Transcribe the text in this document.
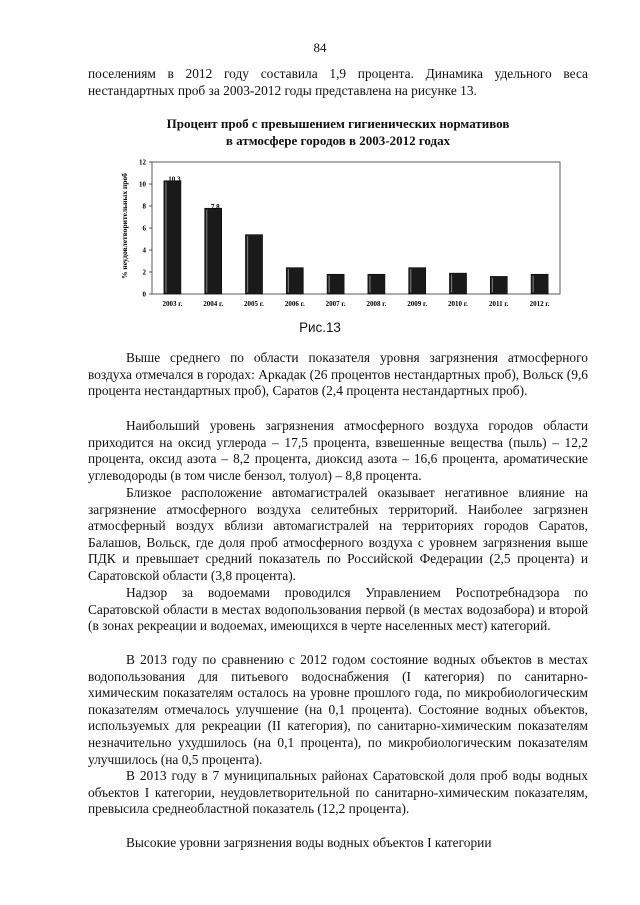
84

поселениям в 2012 году составила 1,9 процента. Динамика удельного веса нестандартных проб за 2003-2012 годы представлена на рисунке 13.

Процент проб с превышением гигиенических нормативов
в атмосфере городов в 2003-2012 годах
% неудовлетворительных проб
0
2
4
6
8
10
12
2003 г.
10,3
2004 г.
7,8
2005 г.	2006 г.	2007 г.	2008 г.	2009 г.	2010 г.	2011 г.	2012 г.
Рис.13

Выше среднего по области показателя уровня загрязнения атмосферного воздуха отмечался в городах: Аркадак (26 процентов нестандартных проб), Вольск (9,6 процента нестандартных проб), Саратов (2,4 процента нестандартных проб).

Наибольший уровень загрязнения атмосферного воздуха городов области приходится на оксид углерода – 17,5 процента, взвешенные вещества (пыль) – 12,2 процента, оксид азота – 8,2 процента, диоксид азота – 16,6 процента, ароматические углеводороды (в том числе бензол, толуол) – 8,8 процента.

Близкое расположение автомагистралей оказывает негативное влияние на загрязнение атмосферного воздуха селитебных территорий. Наиболее загрязнен атмосферный воздух вблизи автомагистралей на территориях городов Саратов, Балашов, Вольск, где доля проб атмосферного воздуха с уровнем загрязнения выше ПДК и превышает средний показатель по Российской Федерации (2,5 процента) и Саратовской области (3,8 процента).

Надзор за водоемами проводился Управлением Роспотребнадзора по Саратовской области в местах водопользования первой (в местах водозабора) и второй (в зонах рекреации и водоемах, имеющихся в черте населенных мест) категорий.

В 2013 году по сравнению с 2012 годом состояние водных объектов в местах водопользования для питьевого водоснабжения (I категория) по санитарно-химическим показателям осталось на уровне прошлого года, по микробиологическим показателям отмечалось улучшение (на 0,1 процента). Состояние водных объектов, используемых для рекреации (II категория), по санитарно-химическим показателям незначительно ухудшилось (на 0,1 процента), по микробиологическим показателям улучшилось (на 0,5 процента).

В 2013 году в 7 муниципальных районах Саратовской доля проб воды водных объектов I категории, неудовлетворительной по санитарно-химическим показателям, превысила среднеобластной показатель (12,2 процента).

Высокие уровни загрязнения воды водных объектов I категории
